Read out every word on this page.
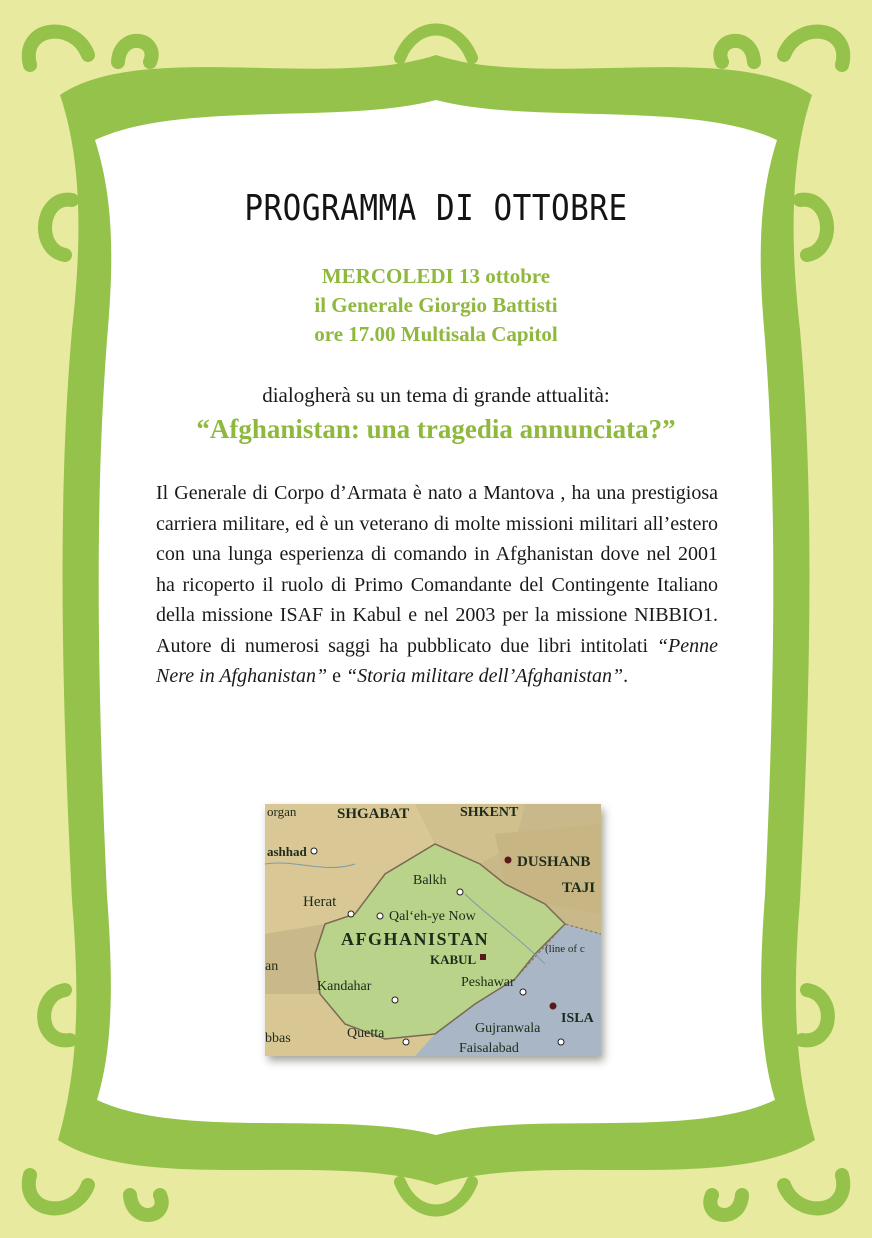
PROGRAMMA DI OTTOBRE
MERCOLEDI 13 ottobre
il Generale Giorgio Battisti
ore 17.00 Multisala Capitol
dialogherà su un tema di grande attualità:
“Afghanistan: una tragedia annunciata?”
Il Generale di Corpo d’Armata è nato a Mantova , ha una prestigiosa carriera militare, ed è un veterano di molte missioni militari all’estero con una lunga esperienza di comando in Afghanistan dove nel 2001 ha ricoperto il ruolo di Primo Comandante del Contingente Italiano della missione ISAF in Kabul e nel 2003 per la missione NIBBIO1. Autore di numerosi saggi ha pubblicato due libri intitolati “Penne Nere in Afghanistan” e “Storia militare dell’Afghanistan”.
SHGABAT	SHKENT
DUSHANB
TAJI
organ
ashhad
Balkh
Herat
Qal‘eh-ye Now
AFGHANISTAN
KABUL
(line of c
an
Kandahar	Peshawar
ISLA
Quetta	Gujranwala
Faisalabad
bbas
